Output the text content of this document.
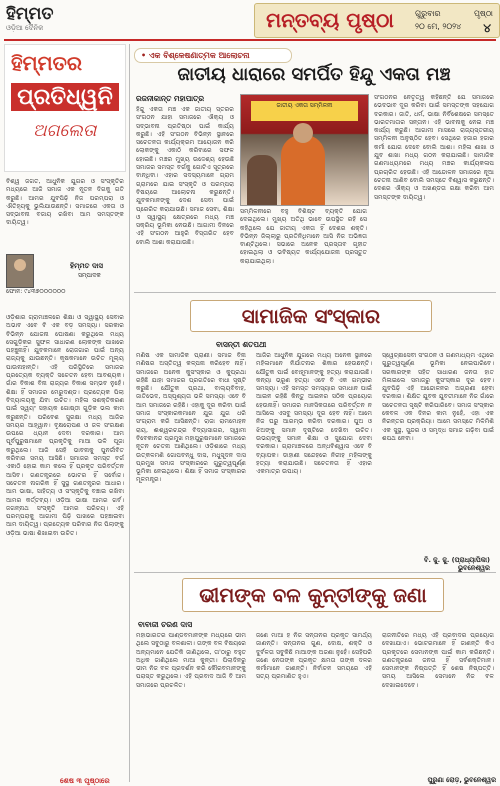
ହିମ୍ମତ
ଓଡ଼ିଆ ଦୈନିକ	ମନ୍ତବ୍ୟ ପୃଷ୍ଠା	ଗୁରୁବାର
୨୦ ମେ, ୨୦୨୪
ପୃଷ୍ଠା
୪
ହିମ୍ମତର
ପ୍ରତିଧ୍ୱନି
ଅଗଲେତା
ବିଶ୍ୱ ଜଗତ, ଆଧୁନିକ ଯୁଗର ଓ ସଂସ୍କୃତିର ମଧ୍ୟରେ ଆଜି ସମାଜ ଏକ ନୂତନ ଦିଗକୁ ଗତି କରୁଛି। ଆମର ଯୁବପିଢ଼ି ନିଜ ପରମ୍ପରା ଓ ଐତିହ୍ୟକୁ ଭୁଲିଯାଉଛନ୍ତି। ସମାଜରେ ଏକତା ଓ ସଦ୍ଭାବନା ବଜାୟ ରଖିବା ଆମ ସମସ୍ତଙ୍କ ଦାୟିତ୍ୱ।
ଫୋନ: ୯୪୩୭୦୦୦୦୦୦
ହିମ୍ମତ ଦାସ
ସମ୍ପାଦକ
ଓଡ଼ିଶାର ଗ୍ରାମାଞ୍ଚଳରେ ଶିକ୍ଷା ଓ ସ୍ୱାସ୍ଥ୍ୟ ସେବାର ଅଭାବ ଏବେ ବି ଏକ ବଡ଼ ସମସ୍ୟା। ସରକାର ବିଭିନ୍ନ ଯୋଜନା ଘୋଷଣା କରୁଥିଲେ ମଧ୍ୟ ସେଗୁଡ଼ିକର ସୁଫଳ ସାଧାରଣ ଲୋକଙ୍କ ପାଖରେ ପହଞ୍ଚୁନାହିଁ। ଯୁବକମାନେ ରୋଜଗାର ପାଇଁ ଅନ୍ୟ ରାଜ୍ୟକୁ ଯାଉଛନ୍ତି। କୃଷକମାନେ ଉଚିତ ମୂଲ୍ୟ ପାଉନାହାନ୍ତି। ଏହି ପରିସ୍ଥିତିରେ ସମାଜର ପ୍ରତ୍ୟେକ ବ୍ୟକ୍ତି ସଚେତନ ହେବା ଆବଶ୍ୟକ। ଗାଁର ବିକାଶ ବିନା ରାଜ୍ୟର ବିକାଶ ସମ୍ଭବ ନୁହେଁ। ଶିକ୍ଷା ହିଁ ସମାଜର ମେରୁଦଣ୍ଡ। ପ୍ରତ୍ୟେକ ପିଲା ବିଦ୍ୟାଳୟକୁ ଯିବା ଉଚିତ। ମହିଳା ସଶକ୍ତିକରଣ ପାଇଁ ସ୍ୱୟଂ ସହାୟକ ଗୋଷ୍ଠୀ ଗୁଡ଼ିକ ଭଲ କାମ କରୁଛନ୍ତି। ପରିବେଶ ସୁରକ୍ଷା ମଧ୍ୟ ଆଜିର ସମୟର ଆହ୍ୱାନ। ବୃକ୍ଷରୋପଣ ଓ ଜଳ ସଂରକ୍ଷଣ ଉପରେ ଧ୍ୟାନ ଦେବା ଦରକାର। ଆମ ପୂର୍ବପୁରୁଷମାନେ ପ୍ରକୃତିକୁ ମାଆ ଭଳି ପୂଜା କରୁଥିଲେ। ଆଜି ସେହି ଭାବନାକୁ ପୁନର୍ଜୀବିତ କରିବାର ସମୟ ଆସିଛି। ସମାଜର ସମସ୍ତ ବର୍ଗ ଏକାଠି ହୋଇ କାମ କଲେ ହିଁ ପ୍ରକୃତ ପରିବର୍ତ୍ତନ ଆସିବ। ଗଣତନ୍ତ୍ରରେ ଭୋଟର ହିଁ ସର୍ବୋଚ୍ଚ। ସଚେତନ ନାଗରିକ ହିଁ ସୁସ୍ଥ ଗଣତନ୍ତ୍ରର ଆଧାର। ଆମ ଭାଷା, ସାହିତ୍ୟ ଓ ସଂସ୍କୃତିକୁ ବଞ୍ଚାଇ ରଖିବା ଆମର କର୍ତ୍ତବ୍ୟ। ଓଡ଼ିଆ ଭାଷା ଆମର ଗର୍ବ। ଜଗନ୍ନାଥ ସଂସ୍କୃତି ଆମର ପରିଚୟ। ଏହି ପରମ୍ପରାକୁ ଆଗାମୀ ପିଢ଼ି ପାଖରେ ପହଞ୍ଚାଇବା ଆମ ଦାୟିତ୍ୱ। ପ୍ରତ୍ୟେକ ପରିବାର ନିଜ ପିଲାଙ୍କୁ ଓଡ଼ିଆ ଭାଷା ଶିଖାଇବା ଉଚିତ।
ଶେଷ ୩ ପୃଷ୍ଠାରେ
• ଏକ ବିଶ୍ଳେଷଣାତ୍ମକ ଆଲୋଚନା
ଜାତୀୟ ଧାରାରେ ସମର୍ପିତ ହିନ୍ଦୁ ଏକତା ମଞ୍ଚ
ରଜନୀକାନ୍ତ ମହାପାତ୍ର
ହିନ୍ଦୁ ଏକତା ମଞ୍ଚ ଏକ ଜାତୀୟ ସ୍ତରର ସଂଗଠନ ଯାହା ସମାଜରେ ଐକ୍ୟ ଓ ସଦ୍ଭାବନା ପ୍ରତିଷ୍ଠା ପାଇଁ କାର୍ଯ୍ୟ କରୁଛି। ଏହି ସଂଗଠନ ବିଭିନ୍ନ ସ୍ଥାନରେ ସଚେତନତା କାର୍ଯ୍ୟକ୍ରମ ଆୟୋଜନ କରି ଲୋକଙ୍କୁ ଏକାଠି କରିବାରେ ସଫଳ ହୋଇଛି। ମଞ୍ଚର ମୁଖ୍ୟ ଉଦ୍ଦେଶ୍ୟ ହେଉଛି ସମାଜର ସମସ୍ତ ବର୍ଗକୁ ଗୋଟିଏ ସୂତ୍ରରେ ବାନ୍ଧିବା। ଏହାର ସଦସ୍ୟମାନେ ଗ୍ରାମ ଗ୍ରାମରେ ଯାଇ ସଂସ୍କୃତି ଓ ପରମ୍ପରା ବିଷୟରେ ଆଲୋଚନା କରୁଛନ୍ତି। ଯୁବକମାନଙ୍କୁ ଦେଶ ସେବା ପାଇଁ ପ୍ରେରିତ କରାଯାଉଛି। ସମାଜ ସେବା, ଶିକ୍ଷା ଓ ସ୍ୱାସ୍ଥ୍ୟ କ୍ଷେତ୍ରରେ ମଧ୍ୟ ମଞ୍ଚ ସକ୍ରିୟ ଭୂମିକା ନେଉଛି। ଆଗାମୀ ଦିନରେ ଏହି ସଂଗଠନ ଆହୁରି ବିସ୍ତାରିତ ହେବ ବୋଲି ଆଶା କରାଯାଉଛି।
ଜାତୀୟ ଏକତା ସମ୍ମିଳନୀ
ସମ୍ମିଳନୀରେ ବହୁ ବିଶିଷ୍ଟ ବ୍ୟକ୍ତି ଯୋଗ ଦେଇଥିଲେ। ମୁଖ୍ୟ ଅତିଥି ଭାବେ ଉପସ୍ଥିତ ରହି ସେ କହିଥିଲେ ଯେ ଜାତୀୟ ଏକତା ହିଁ ଦେଶର ଶକ୍ତି। ବିଭିନ୍ନ ଜିଲ୍ଲାରୁ ପ୍ରତିନିଧିମାନେ ଆସି ନିଜ ଅଭିଜ୍ଞତା ବାଣ୍ଟିଥିଲେ। ସଭାରେ ଅନେକ ପ୍ରସ୍ତାବ ଗୃହୀତ ହୋଇଥିଲା ଓ ଭବିଷ୍ୟତ କାର୍ଯ୍ୟଯୋଜନା ପ୍ରସ୍ତୁତ କରାଯାଇଥିଲା।
ସଂଗଠନର ନେତୃତ୍ୱ କହିଛନ୍ତି ଯେ ସମାଜରେ ଭେଦଭାବ ଦୂର କରିବା ପାଇଁ ସମସ୍ତଙ୍କ ସହଯୋଗ ଦରକାର। ଜାତି, ଧର୍ମ, ଭାଷା ନିର୍ବିଶେଷରେ ସମସ୍ତେ ଭାରତମାତାର ସନ୍ତାନ। ଏହି ଭାବନାକୁ ନେଇ ମଞ୍ଚ କାର୍ଯ୍ୟ କରୁଛି। ଆଗାମୀ ମାସରେ ରାଜ୍ୟସ୍ତରୀୟ ସମ୍ମିଳନୀ ଅନୁଷ୍ଠିତ ହେବ। ସେଥିରେ ହଜାର ହଜାର କର୍ମୀ ଯୋଗ ଦେବେ ବୋଲି ଆଶା। ମହିଳା ଶାଖା ଓ ଯୁବ ଶାଖା ମଧ୍ୟ ଗଠନ କରାଯାଇଛି। ସାମାଜିକ ଗଣମାଧ୍ୟମରେ ମଧ୍ୟ ମଞ୍ଚର କାର୍ଯ୍ୟକଳାପ ପ୍ରଚାରିତ ହେଉଛି। ଏହି ଆନ୍ଦୋଳନ ସମାଜରେ ନୂଆ ଚେତନା ଆଣିବ ବୋଲି ସମସ୍ତେ ବିଶ୍ୱାସ କରୁଛନ୍ତି। ଦେଶର ଐକ୍ୟ ଓ ଅଖଣ୍ଡତା ରକ୍ଷା କରିବା ଆମ ସମସ୍ତଙ୍କ ଦାୟିତ୍ୱ।
ସାମାଜିକ ସଂସ୍କାର
ବାସନ୍ତୀ ଶତପଥୀ
ମଣିଷ ଏକ ସାମାଜିକ ପ୍ରାଣୀ। ସମାଜ ବିନା ମଣିଷର ଅସ୍ତିତ୍ୱ କଳ୍ପନା କରିହେବ ନାହିଁ। ସମାଜରେ ଅନେକ କୁସଂସ୍କାର ଓ କୁପ୍ରଥା ରହିଛି ଯାହା ସମାଜର ପ୍ରଗତିରେ ବାଧା ସୃଷ୍ଟି କରୁଛି। ଯୌତୁକ ପ୍ରଥା, ବାଲ୍ୟବିବାହ, ଜାତିଭେଦ, ଅସ୍ପୃଶ୍ୟତା ଭଳି ସମସ୍ୟା ଏବେ ବି ଆମ ସମାଜରେ ରହିଛି। ଏହାକୁ ଦୂର କରିବା ପାଇଁ ସମାଜ ସଂସ୍କାରକମାନେ ଯୁଗ ଯୁଗ ଧରି ସଂଗ୍ରାମ କରି ଆସିଛନ୍ତି। ରାଜା ରାମମୋହନ ରାୟ, ଈଶ୍ୱରଚନ୍ଦ୍ର ବିଦ୍ୟାସାଗର, ସ୍ୱାମୀ ବିବେକାନନ୍ଦ ପ୍ରମୁଖ ମହାପୁରୁଷମାନେ ସମାଜରେ ନୂତନ ଚେତନା ଆଣିଥିଲେ। ଓଡ଼ିଶାରେ ମଧ୍ୟ ଉତ୍କଳମଣି ଗୋପବନ୍ଧୁ ଦାସ, ମଧୁସୂଦନ ଦାସ ପ୍ରମୁଖ ସମାଜ ସଂସ୍କାରରେ ଗୁରୁତ୍ୱପୂର୍ଣ୍ଣ ଭୂମିକା ନେଇଥିଲେ। ଶିକ୍ଷା ହିଁ ସମାଜ ସଂସ୍କାରର ମୂଳମନ୍ତ୍ର।
ଆଜିର ଆଧୁନିକ ଯୁଗରେ ମଧ୍ୟ ଅନେକ ସ୍ଥାନରେ ମହିଳାମାନେ ନିର୍ଯାତନାର ଶିକାର ହେଉଛନ୍ତି। ଯୌତୁକ ପାଇଁ ବୋହୂମାନଙ୍କୁ ହତ୍ୟା କରାଯାଉଛି। କନ୍ୟା ଭ୍ରୂଣ ହତ୍ୟା ଏବେ ବି ଏକ ଗମ୍ଭୀର ସମସ୍ୟା। ଏହି ସମସ୍ତ ସମସ୍ୟାର ସମାଧାନ ପାଇଁ ଆଇନ ରହିଛି କିନ୍ତୁ ଆଇନର ସଠିକ ପ୍ରୟୋଗ ହେଉନାହିଁ। ସମାଜର ମାନସିକତାରେ ପରିବର୍ତ୍ତନ ନ ଆସିଲେ ଏସବୁ ସମସ୍ୟା ଦୂର ହେବ ନାହିଁ। ଆମେ ନିଜ ଘରୁ ଆରମ୍ଭ କରିବା ଦରକାର। ପୁଅ ଓ ଝିଅଙ୍କୁ ସମାନ ଦୃଷ୍ଟିରେ ଦେଖିବା ଉଚିତ। ଉଭୟଙ୍କୁ ସମାନ ଶିକ୍ଷା ଓ ସୁଯୋଗ ଦେବା ଦରକାର। ଗ୍ରାମାଞ୍ଚଳରେ ଅନ୍ଧବିଶ୍ୱାସ ଏବେ ବି ବ୍ୟାପକ। ଡାହାଣୀ ସନ୍ଦେହରେ ନିରୀହ ମହିଳାଙ୍କୁ ହତ୍ୟା କରାଯାଉଛି। ସଚେତନତା ହିଁ ଏହାର ଏକମାତ୍ର ଉପାୟ।
ସ୍ୱେଚ୍ଛାସେବୀ ସଂଗଠନ ଓ ଗଣମାଧ୍ୟମ ଏଥିରେ ଗୁରୁତ୍ୱପୂର୍ଣ୍ଣ ଭୂମିକା ନେଇପାରିବେ। ସରକାରଙ୍କ ସହିତ ସାଧାରଣ ଜନତା ହାତ ମିଳାଇଲେ ସମାଜରୁ କୁସଂସ୍କାର ଦୂର ହେବ। ଯୁବପିଢ଼ି ଏହି ଆନ୍ଦୋଳନର ଅଗ୍ରଣୀ ହେବା ଦରକାର। ଶିକ୍ଷିତ ଯୁବକ ଯୁବତୀମାନେ ନିଜ ଗାଁରେ ସଚେତନତା ସୃଷ୍ଟି କରିପାରିବେ। ସମାଜ ସଂସ୍କାର କେବଳ ଏକ ଦିନର କାମ ନୁହେଁ, ଏହା ଏକ ନିରନ୍ତର ପ୍ରକ୍ରିୟା। ଆମେ ସମସ୍ତେ ମିଳିମିଶି ଏକ ସୁସ୍ଥ, ସୁନ୍ଦର ଓ ସମୃଦ୍ଧ ସମାଜ ଗଢ଼ିବା ପାଇଁ ଶପଥ ନେବା।
ବି. ଜୁ. ଜୁ. (ପ୍ରାଧ୍ୟାପିକା)
ଭୁବନେଶ୍ୱର
ଭୀମଙ୍କ ବଳ କୁନ୍ତୀଙ୍କୁ ଜଣା
ବାବାଜୀ ଚରଣ ଦାସ
ମହାଭାରତର ପାଣ୍ଡବମାନଙ୍କ ମଧ୍ୟରେ ଭୀମ ଥିଲେ ସବୁଠାରୁ ବଳଶାଳୀ। ତାଙ୍କ ବଳ ବିଷୟରେ ଅନ୍ୟମାନେ ଯେତିକି ଜାଣିଥିଲେ, ତା'ଠାରୁ ବହୁତ ଅଧିକ ଜାଣିଥିଲେ ମାଆ କୁନ୍ତୀ। ପିଲାଦିନରୁ ଭୀମ ନିଜ ବଳ ପ୍ରଦର୍ଶନ କରି କୌରବମାନଙ୍କୁ ପରାସ୍ତ କରୁଥିଲେ। ଏହି ପ୍ରବାଦ ଆଜି ବି ଆମ ସମାଜରେ ପ୍ରଚଳିତ।
ଜଣେ ମାଆ ହିଁ ନିଜ ସନ୍ତାନର ପ୍ରକୃତ ସାମର୍ଥ୍ୟ ଜାଣନ୍ତି। ସନ୍ତାନର ଗୁଣ, ଦୋଷ, ଶକ୍ତି ଓ ଦୁର୍ବଳତା ସବୁକିଛି ମାଆଙ୍କ ଅଜଣା ନୁହେଁ। ସେହିପରି ଜଣେ ନେତାଙ୍କ ପ୍ରକୃତ କ୍ଷମତା ତାଙ୍କ ଦଳର କର୍ମୀମାନେ ଜାଣନ୍ତି। ନିର୍ବାଚନ ସମୟରେ ଏହି ସତ୍ୟ ପ୍ରମାଣିତ ହୁଏ।
ରାଜନୀତିରେ ମଧ୍ୟ ଏହି ପ୍ରବାଦର ପ୍ରୟୋଗ ଦେଖାଯାଏ। ଭୋଟରମାନେ ହିଁ ଜାଣନ୍ତି କିଏ ପ୍ରକୃତରେ ସେମାନଙ୍କ ପାଇଁ କାମ କରିଛନ୍ତି। ଗଣତନ୍ତ୍ରରେ ଜନତା ହିଁ ସର୍ବଶକ୍ତିମାନ। ସେମାନଙ୍କ ନିଷ୍ପତ୍ତି ହିଁ ଶେଷ ନିଷ୍ପତ୍ତି। ସମୟ ଆସିଲେ ସେମାନେ ନିଜ ବଳ ଦେଖାଇଦେବେ।
ପୁରୁଣା ରୋଡ଼, ଭୁବନେଶ୍ୱର
